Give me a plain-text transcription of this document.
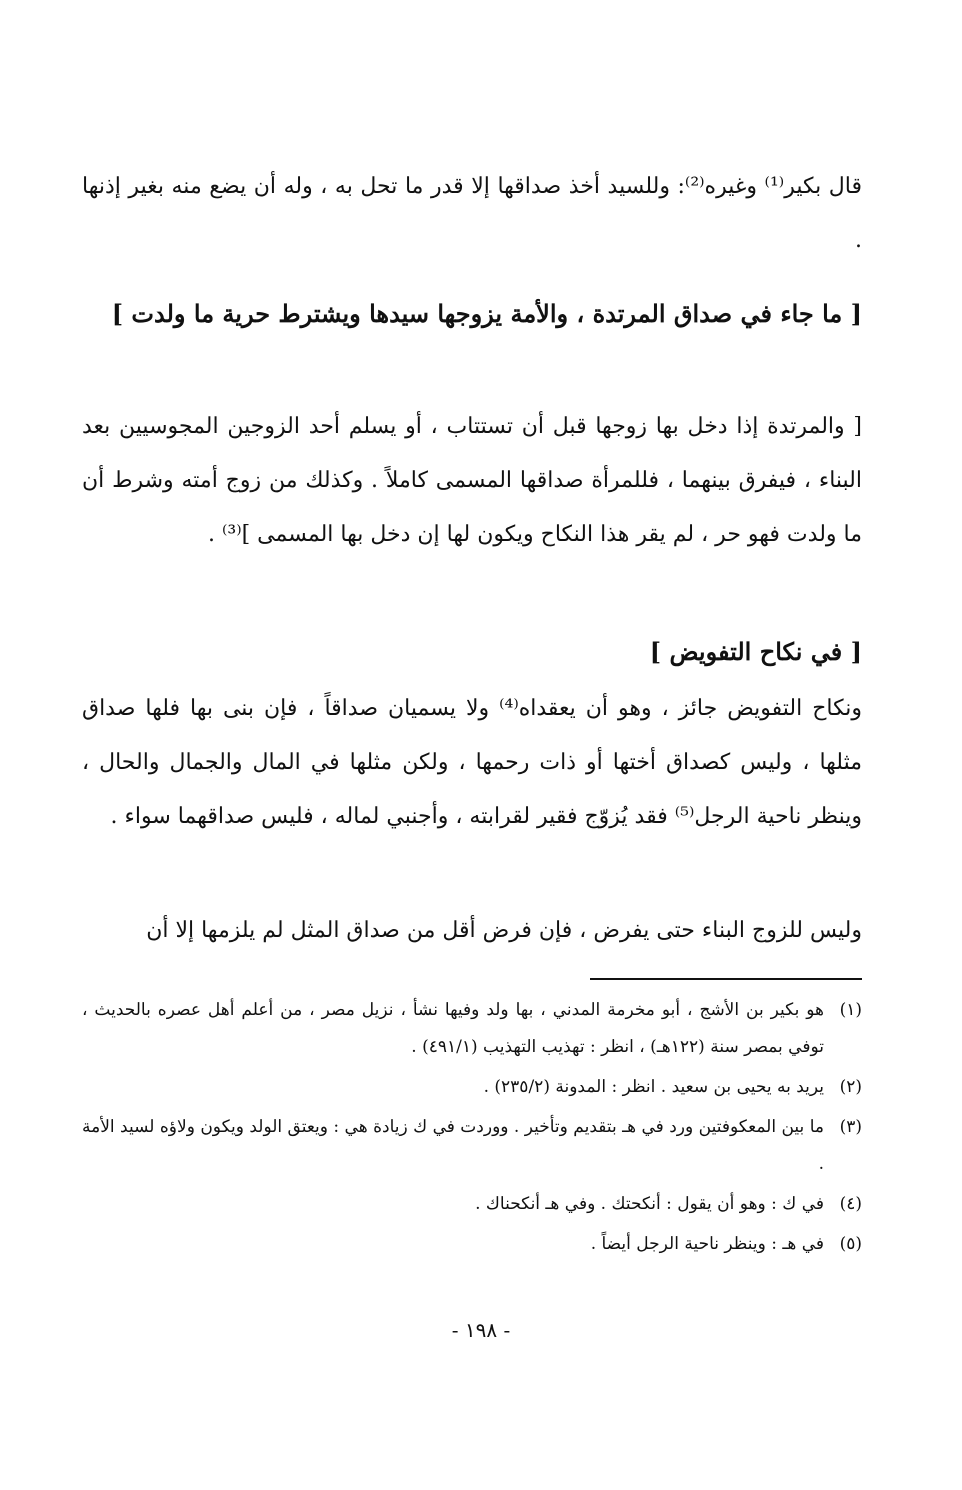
قال بكير⁽¹⁾ وغيره⁽²⁾: وللسيد أخذ صداقها إلا قدر ما تحل به ، وله أن يضع منه بغير إذنها .

[ ما جاء في صداق المرتدة ، والأمة يزوجها سيدها ويشترط حرية ما ولدت ]

[ والمرتدة إذا دخل بها زوجها قبل أن تستتاب ، أو يسلم أحد الزوجين المجوسيين بعد البناء ، فيفرق بينهما ، فللمرأة صداقها المسمى كاملاً . وكذلك من زوج أمته وشرط أن ما ولدت فهو حر ، لم يقر هذا النكاح ويكون لها إن دخل بها المسمى ]⁽³⁾ .

[ في نكاح التفويض ]

ونكاح التفويض جائز ، وهو أن يعقداه⁽⁴⁾ ولا يسميان صداقاً ، فإن بنى بها فلها صداق مثلها ، وليس كصداق أختها أو ذات رحمها ، ولكن مثلها في المال والجمال والحال ، وينظر ناحية الرجل⁽⁵⁾ فقد يُزوّج فقير لقرابته ، وأجنبي لماله ، فليس صداقهما سواء .

وليس للزوج البناء حتى يفرض ، فإن فرض أقل من صداق المثل لم يلزمها إلا أن

(١)
هو بكير بن الأشج ، أبو مخرمة المدني ، بها ولد وفيها نشأ ، نزيل مصر ، من أعلم أهل عصره بالحديث ، توفي بمصر سنة (١٢٢هـ) ، انظر : تهذيب التهذيب (٤٩١/١) .
(٢)
يريد به يحيى بن سعيد . انظر : المدونة (٢٣٥/٢) .
(٣)
ما بين المعكوفتين ورد في هـ بتقديم وتأخير . ووردت في ك زيادة هي : ويعتق الولد ويكون ولاؤه لسيد الأمة .
(٤)
في ك : وهو أن يقول : أنكحتك . وفي هـ أنكحناك .
(٥)
في هـ : وينظر ناحية الرجل أيضاً .
- ١٩٨ -
